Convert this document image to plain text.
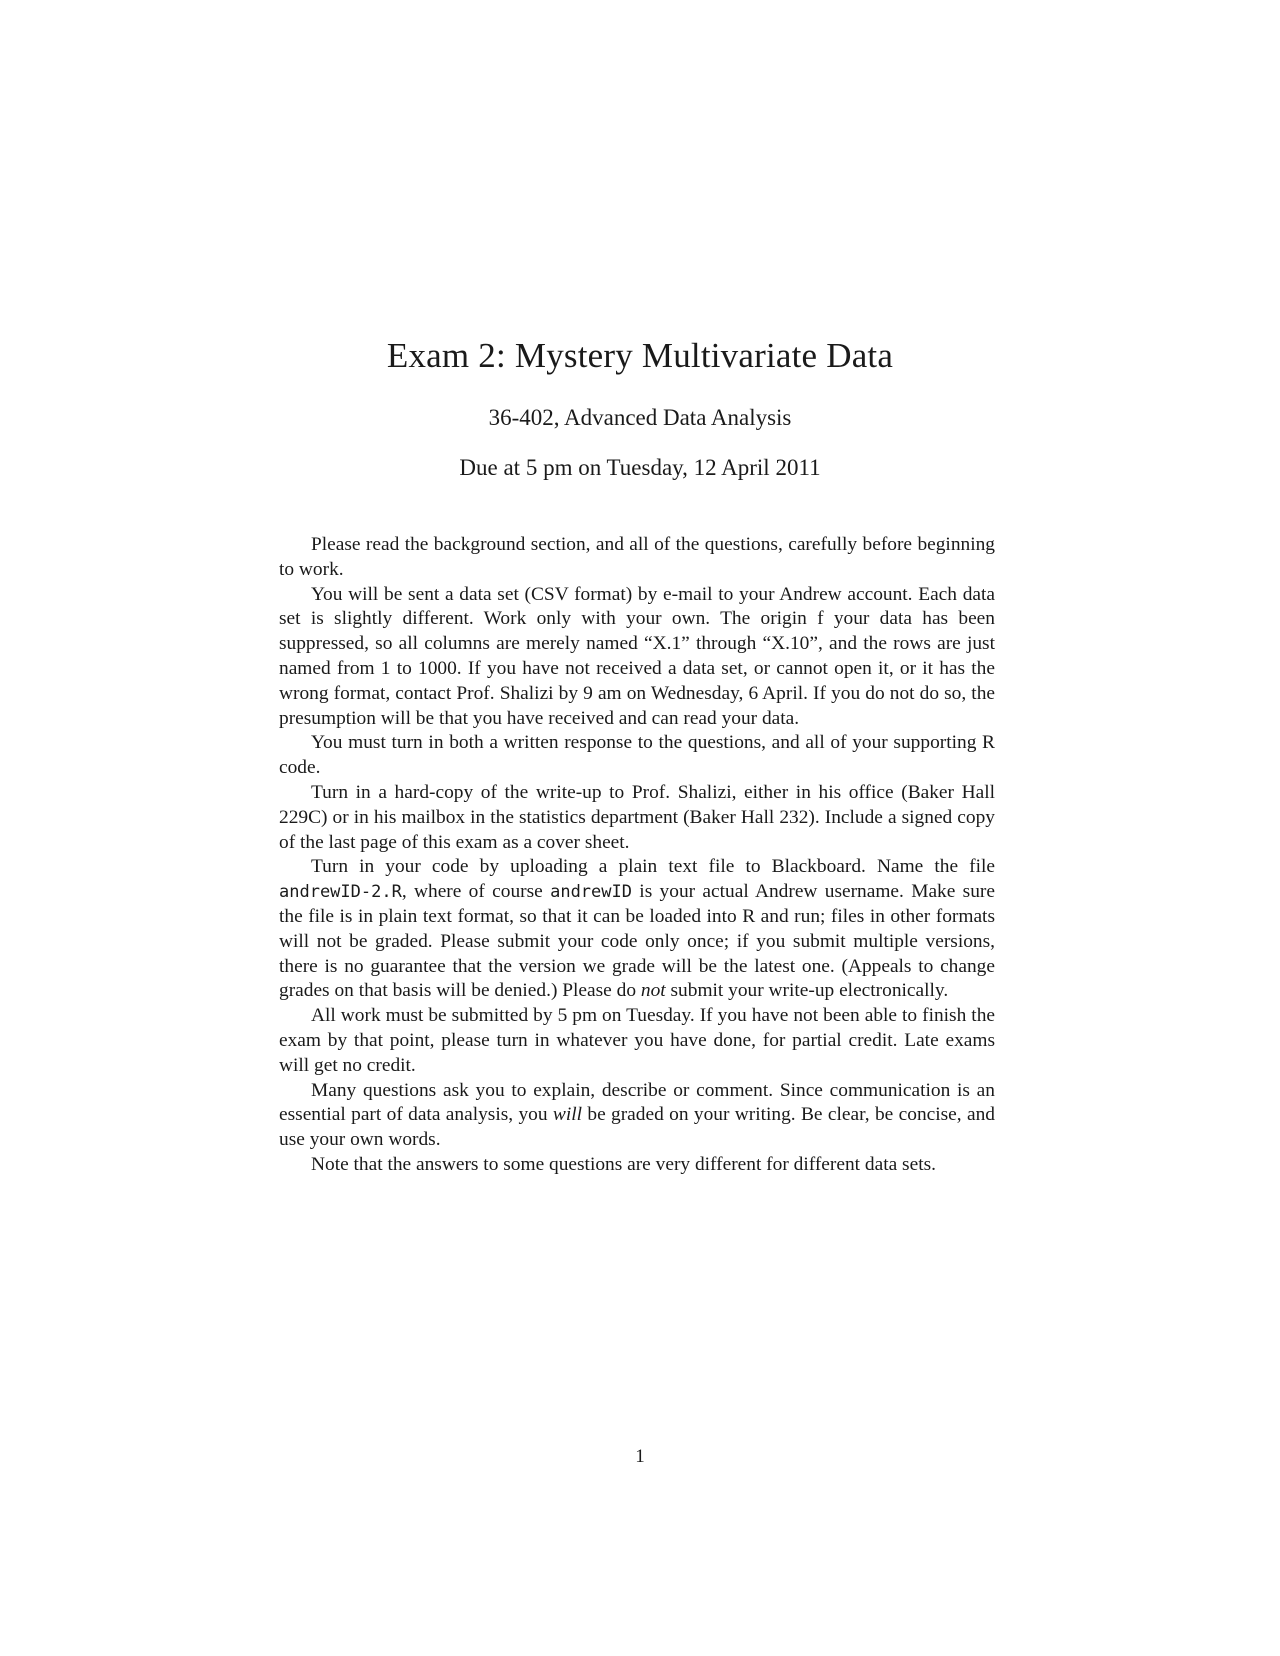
Exam 2: Mystery Multivariate Data
36-402, Advanced Data Analysis
Due at 5 pm on Tuesday, 12 April 2011

Please read the background section, and all of the questions, carefully before beginning to work.

You will be sent a data set (CSV format) by e-mail to your Andrew account. Each data set is slightly different. Work only with your own. The origin f your data has been suppressed, so all columns are merely named “X.1” through “X.10”, and the rows are just named from 1 to 1000. If you have not received a data set, or cannot open it, or it has the wrong format, contact Prof. Shalizi by 9 am on Wednesday, 6 April. If you do not do so, the presumption will be that you have received and can read your data.

You must turn in both a written response to the questions, and all of your supporting R code.

Turn in a hard-copy of the write-up to Prof. Shalizi, either in his office (Baker Hall 229C) or in his mailbox in the statistics department (Baker Hall 232). Include a signed copy of the last page of this exam as a cover sheet.

Turn in your code by uploading a plain text file to Blackboard. Name the file andrewID-2.R, where of course andrewID is your actual Andrew username. Make sure the file is in plain text format, so that it can be loaded into R and run; files in other formats will not be graded. Please submit your code only once; if you submit multiple versions, there is no guarantee that the version we grade will be the latest one. (Appeals to change grades on that basis will be denied.) Please do not submit your write-up electronically.

All work must be submitted by 5 pm on Tuesday. If you have not been able to finish the exam by that point, please turn in whatever you have done, for partial credit. Late exams will get no credit.

Many questions ask you to explain, describe or comment. Since communication is an essential part of data analysis, you will be graded on your writing. Be clear, be concise, and use your own words.

Note that the answers to some questions are very different for different data sets.

1
